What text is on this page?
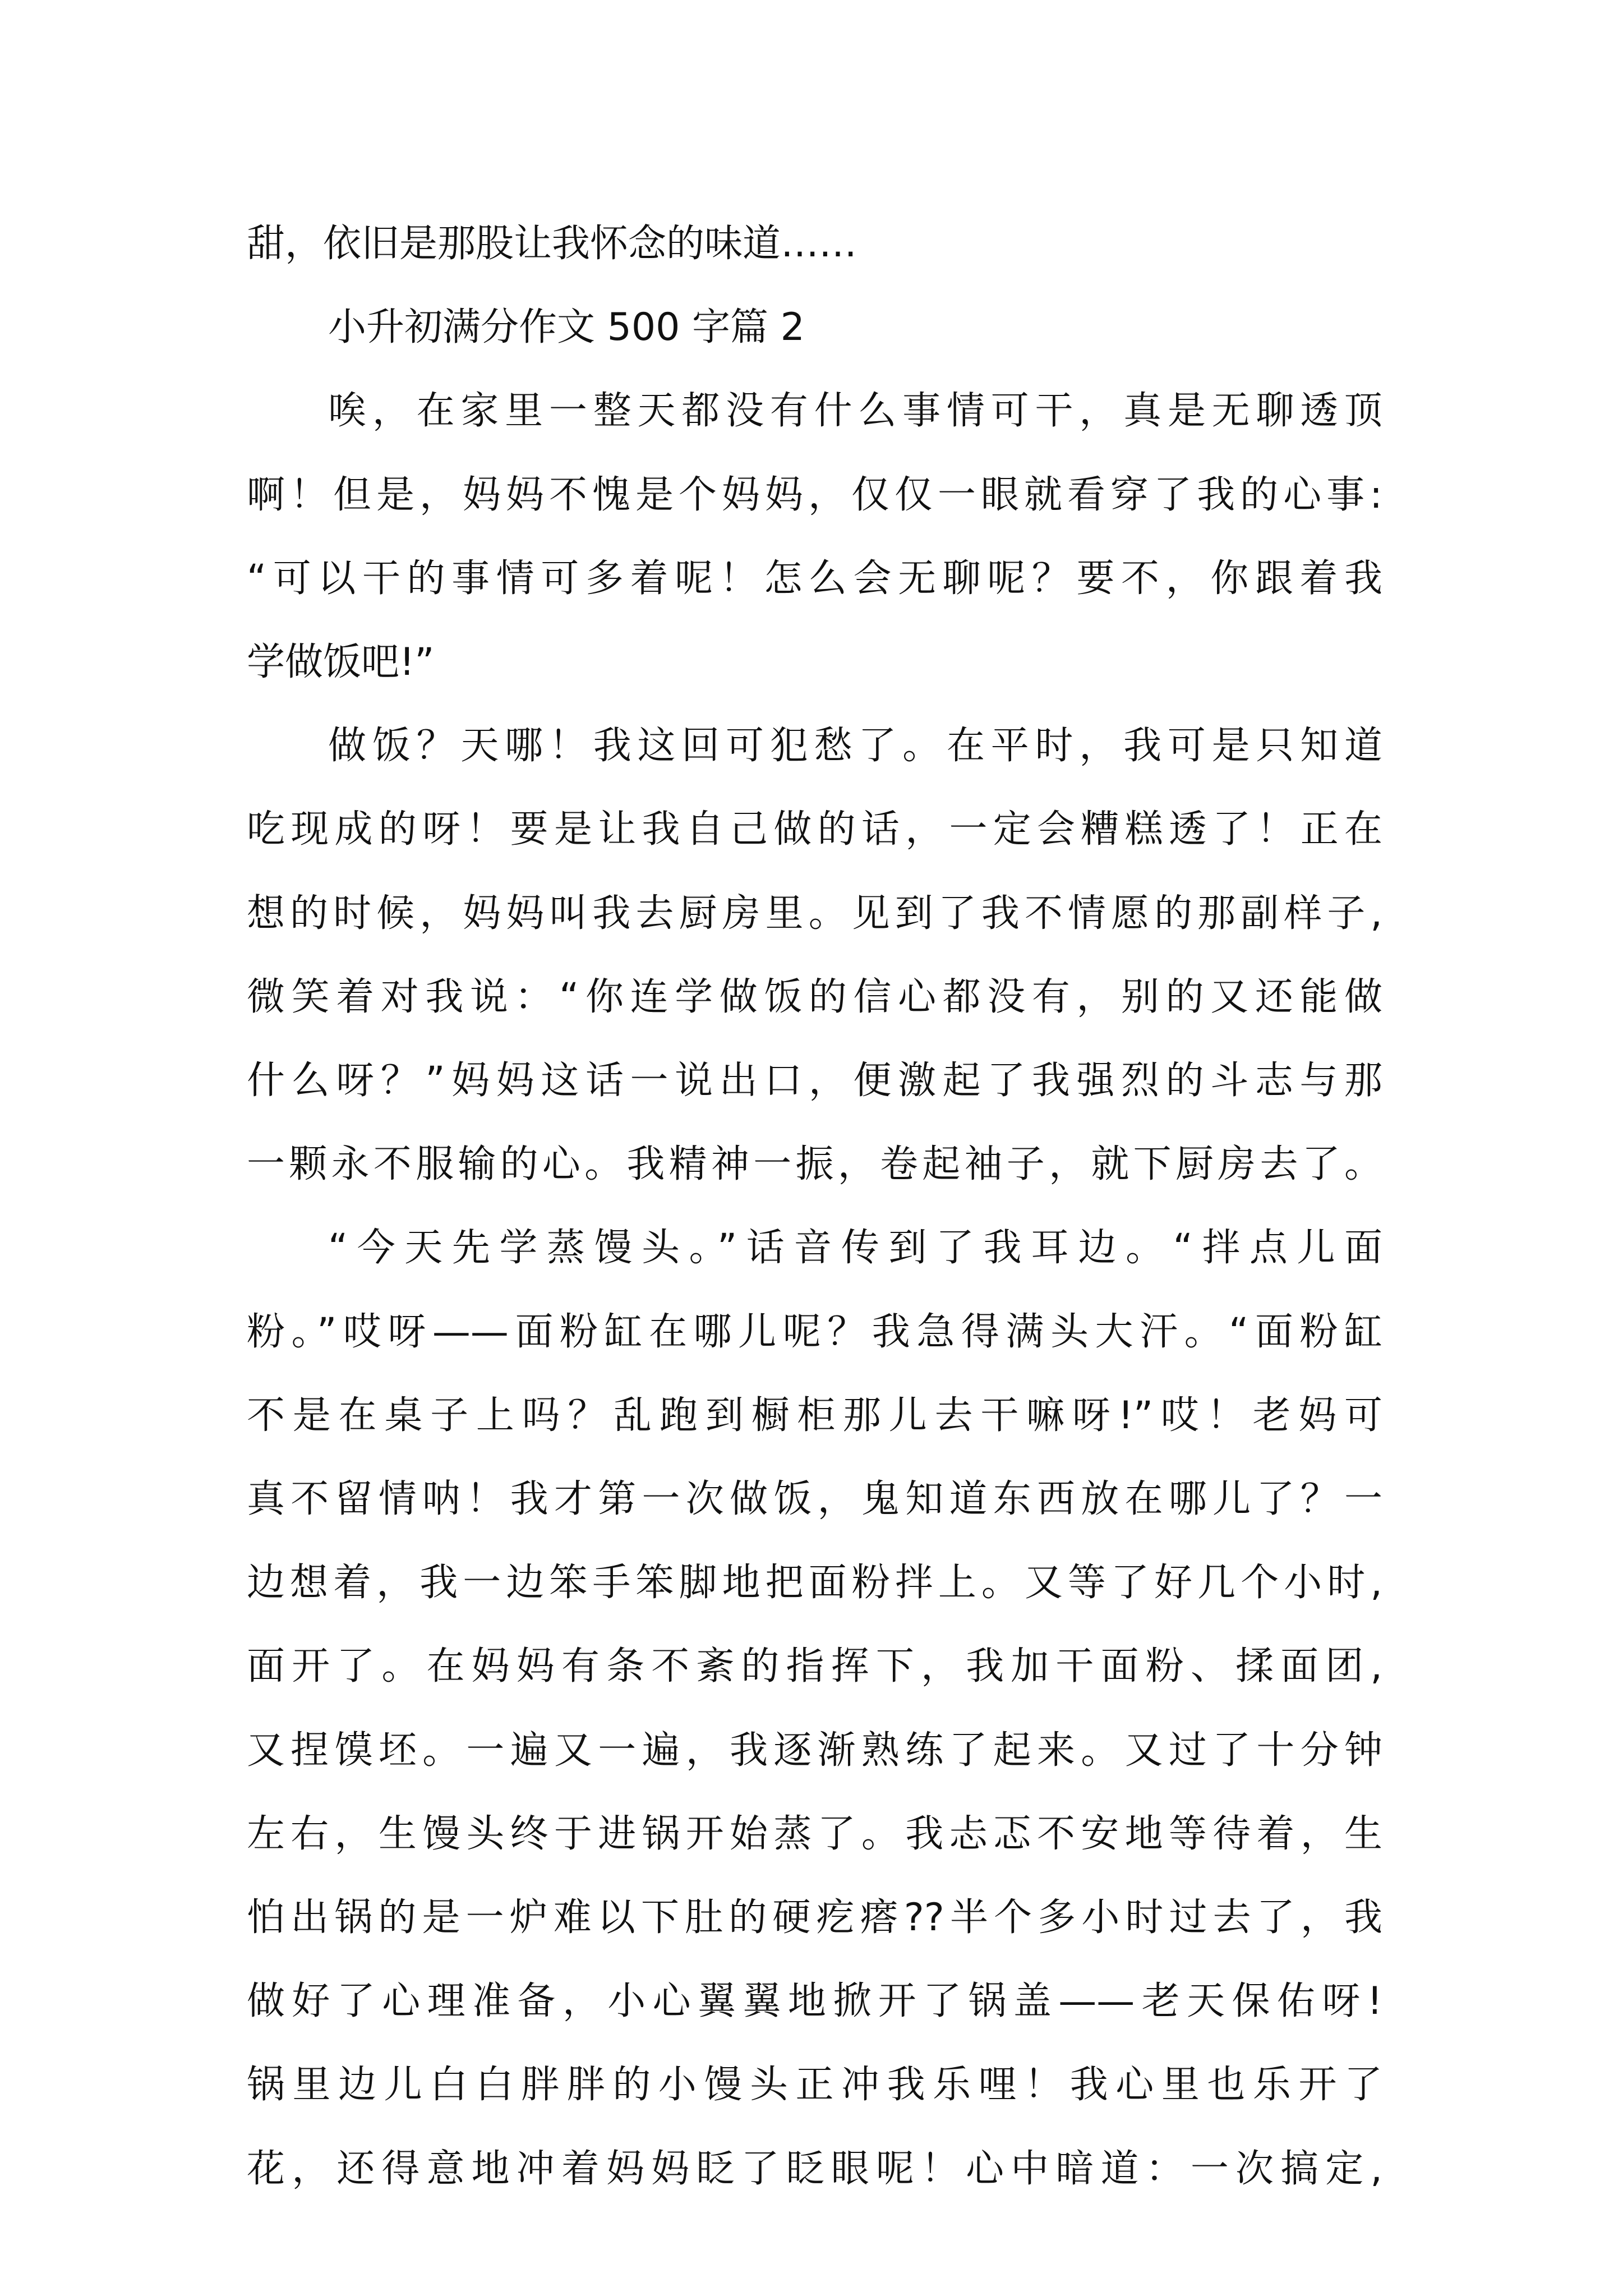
甜，依旧是那股让我怀念的味道……
小升初满分作文 500 字篇 2
唉，在家里一整天都没有什么事情可干，真是无聊透顶
啊！但是，妈妈不愧是个妈妈，仅仅一眼就看穿了我的心事:
“可以干的事情可多着呢！怎么会无聊呢？要不，你跟着我
学做饭吧!”
做饭？天哪！我这回可犯愁了。在平时，我可是只知道
吃现成的呀！要是让我自己做的话，一定会糟糕透了！正在
想的时候，妈妈叫我去厨房里。见到了我不情愿的那副样子,
微笑着对我说：“你连学做饭的信心都没有，别的又还能做
什么呀？”妈妈这话一说出口，便激起了我强烈的斗志与那
一颗永不服输的心。我精神一振，卷起袖子，就下厨房去了。
“今天先学蒸馒头。”话音传到了我耳边。“拌点儿面
粉。”哎呀——面粉缸在哪儿呢？我急得满头大汗。“面粉缸
不是在桌子上吗？乱跑到橱柜那儿去干嘛呀!”哎！老妈可
真不留情呐！我才第一次做饭，鬼知道东西放在哪儿了？一
边想着，我一边笨手笨脚地把面粉拌上。又等了好几个小时,
面开了。在妈妈有条不紊的指挥下，我加干面粉、揉面团,
又捏馍坯。一遍又一遍，我逐渐熟练了起来。又过了十分钟
左右，生馒头终于进锅开始蒸了。我忐忑不安地等待着，生
怕出锅的是一炉难以下肚的硬疙瘩??半个多小时过去了，我
做好了心理准备，小心翼翼地掀开了锅盖——老天保佑呀!
锅里边儿白白胖胖的小馒头正冲我乐哩！我心里也乐开了
花，还得意地冲着妈妈眨了眨眼呢！心中暗道：一次搞定,
